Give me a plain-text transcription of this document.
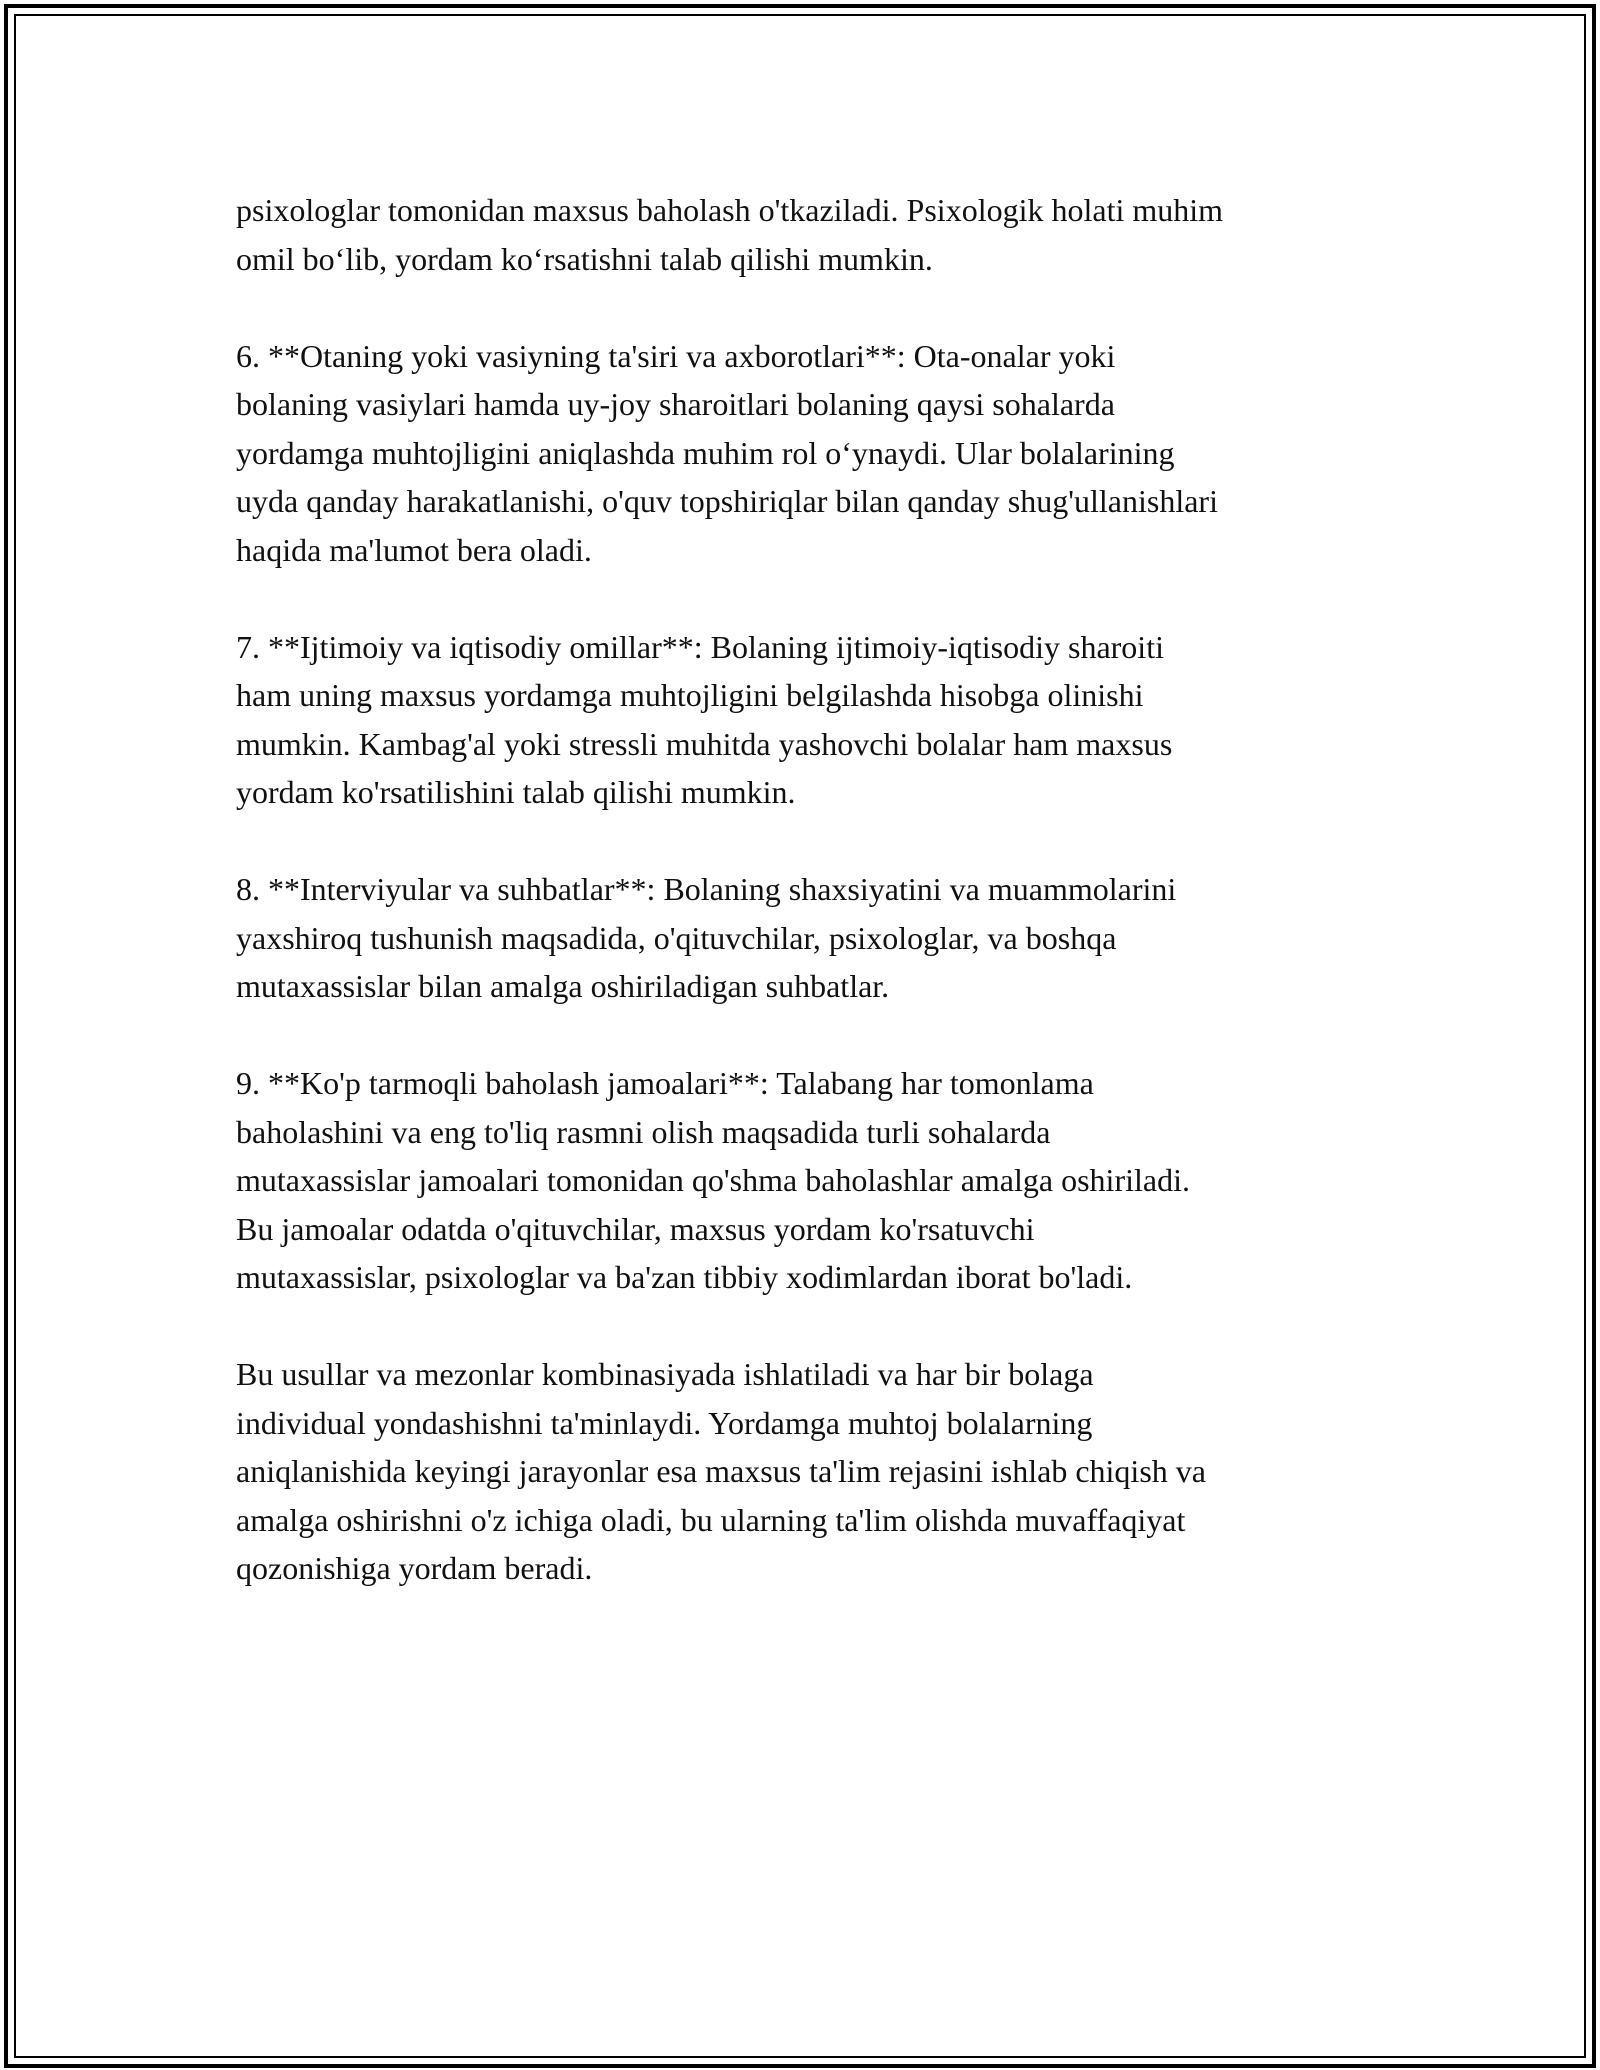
psixologlar tomonidan maxsus baholash o'tkaziladi. Psixologik holati muhim
omil bo‘lib, yordam ko‘rsatishni talab qilishi mumkin.

6. **Otaning yoki vasiyning ta'siri va axborotlari**: Ota-onalar yoki
bolaning vasiylari hamda uy-joy sharoitlari bolaning qaysi sohalarda
yordamga muhtojligini aniqlashda muhim rol o‘ynaydi. Ular bolalarining
uyda qanday harakatlanishi, o'quv topshiriqlar bilan qanday shug'ullanishlari
haqida ma'lumot bera oladi.

7. **Ijtimoiy va iqtisodiy omillar**: Bolaning ijtimoiy-iqtisodiy sharoiti
ham uning maxsus yordamga muhtojligini belgilashda hisobga olinishi
mumkin. Kambag'al yoki stressli muhitda yashovchi bolalar ham maxsus
yordam ko'rsatilishini talab qilishi mumkin.

8. **Interviyular va suhbatlar**: Bolaning shaxsiyatini va muammolarini
yaxshiroq tushunish maqsadida, o'qituvchilar, psixologlar, va boshqa
mutaxassislar bilan amalga oshiriladigan suhbatlar.

9. **Ko'p tarmoqli baholash jamoalari**: Talabang har tomonlama
baholashini va eng to'liq rasmni olish maqsadida turli sohalarda
mutaxassislar jamoalari tomonidan qo'shma baholashlar amalga oshiriladi.
Bu jamoalar odatda o'qituvchilar, maxsus yordam ko'rsatuvchi
mutaxassislar, psixologlar va ba'zan tibbiy xodimlardan iborat bo'ladi.

Bu usullar va mezonlar kombinasiyada ishlatiladi va har bir bolaga
individual yondashishni ta'minlaydi. Yordamga muhtoj bolalarning
aniqlanishida keyingi jarayonlar esa maxsus ta'lim rejasini ishlab chiqish va
amalga oshirishni o'z ichiga oladi, bu ularning ta'lim olishda muvaffaqiyat
qozonishiga yordam beradi.
